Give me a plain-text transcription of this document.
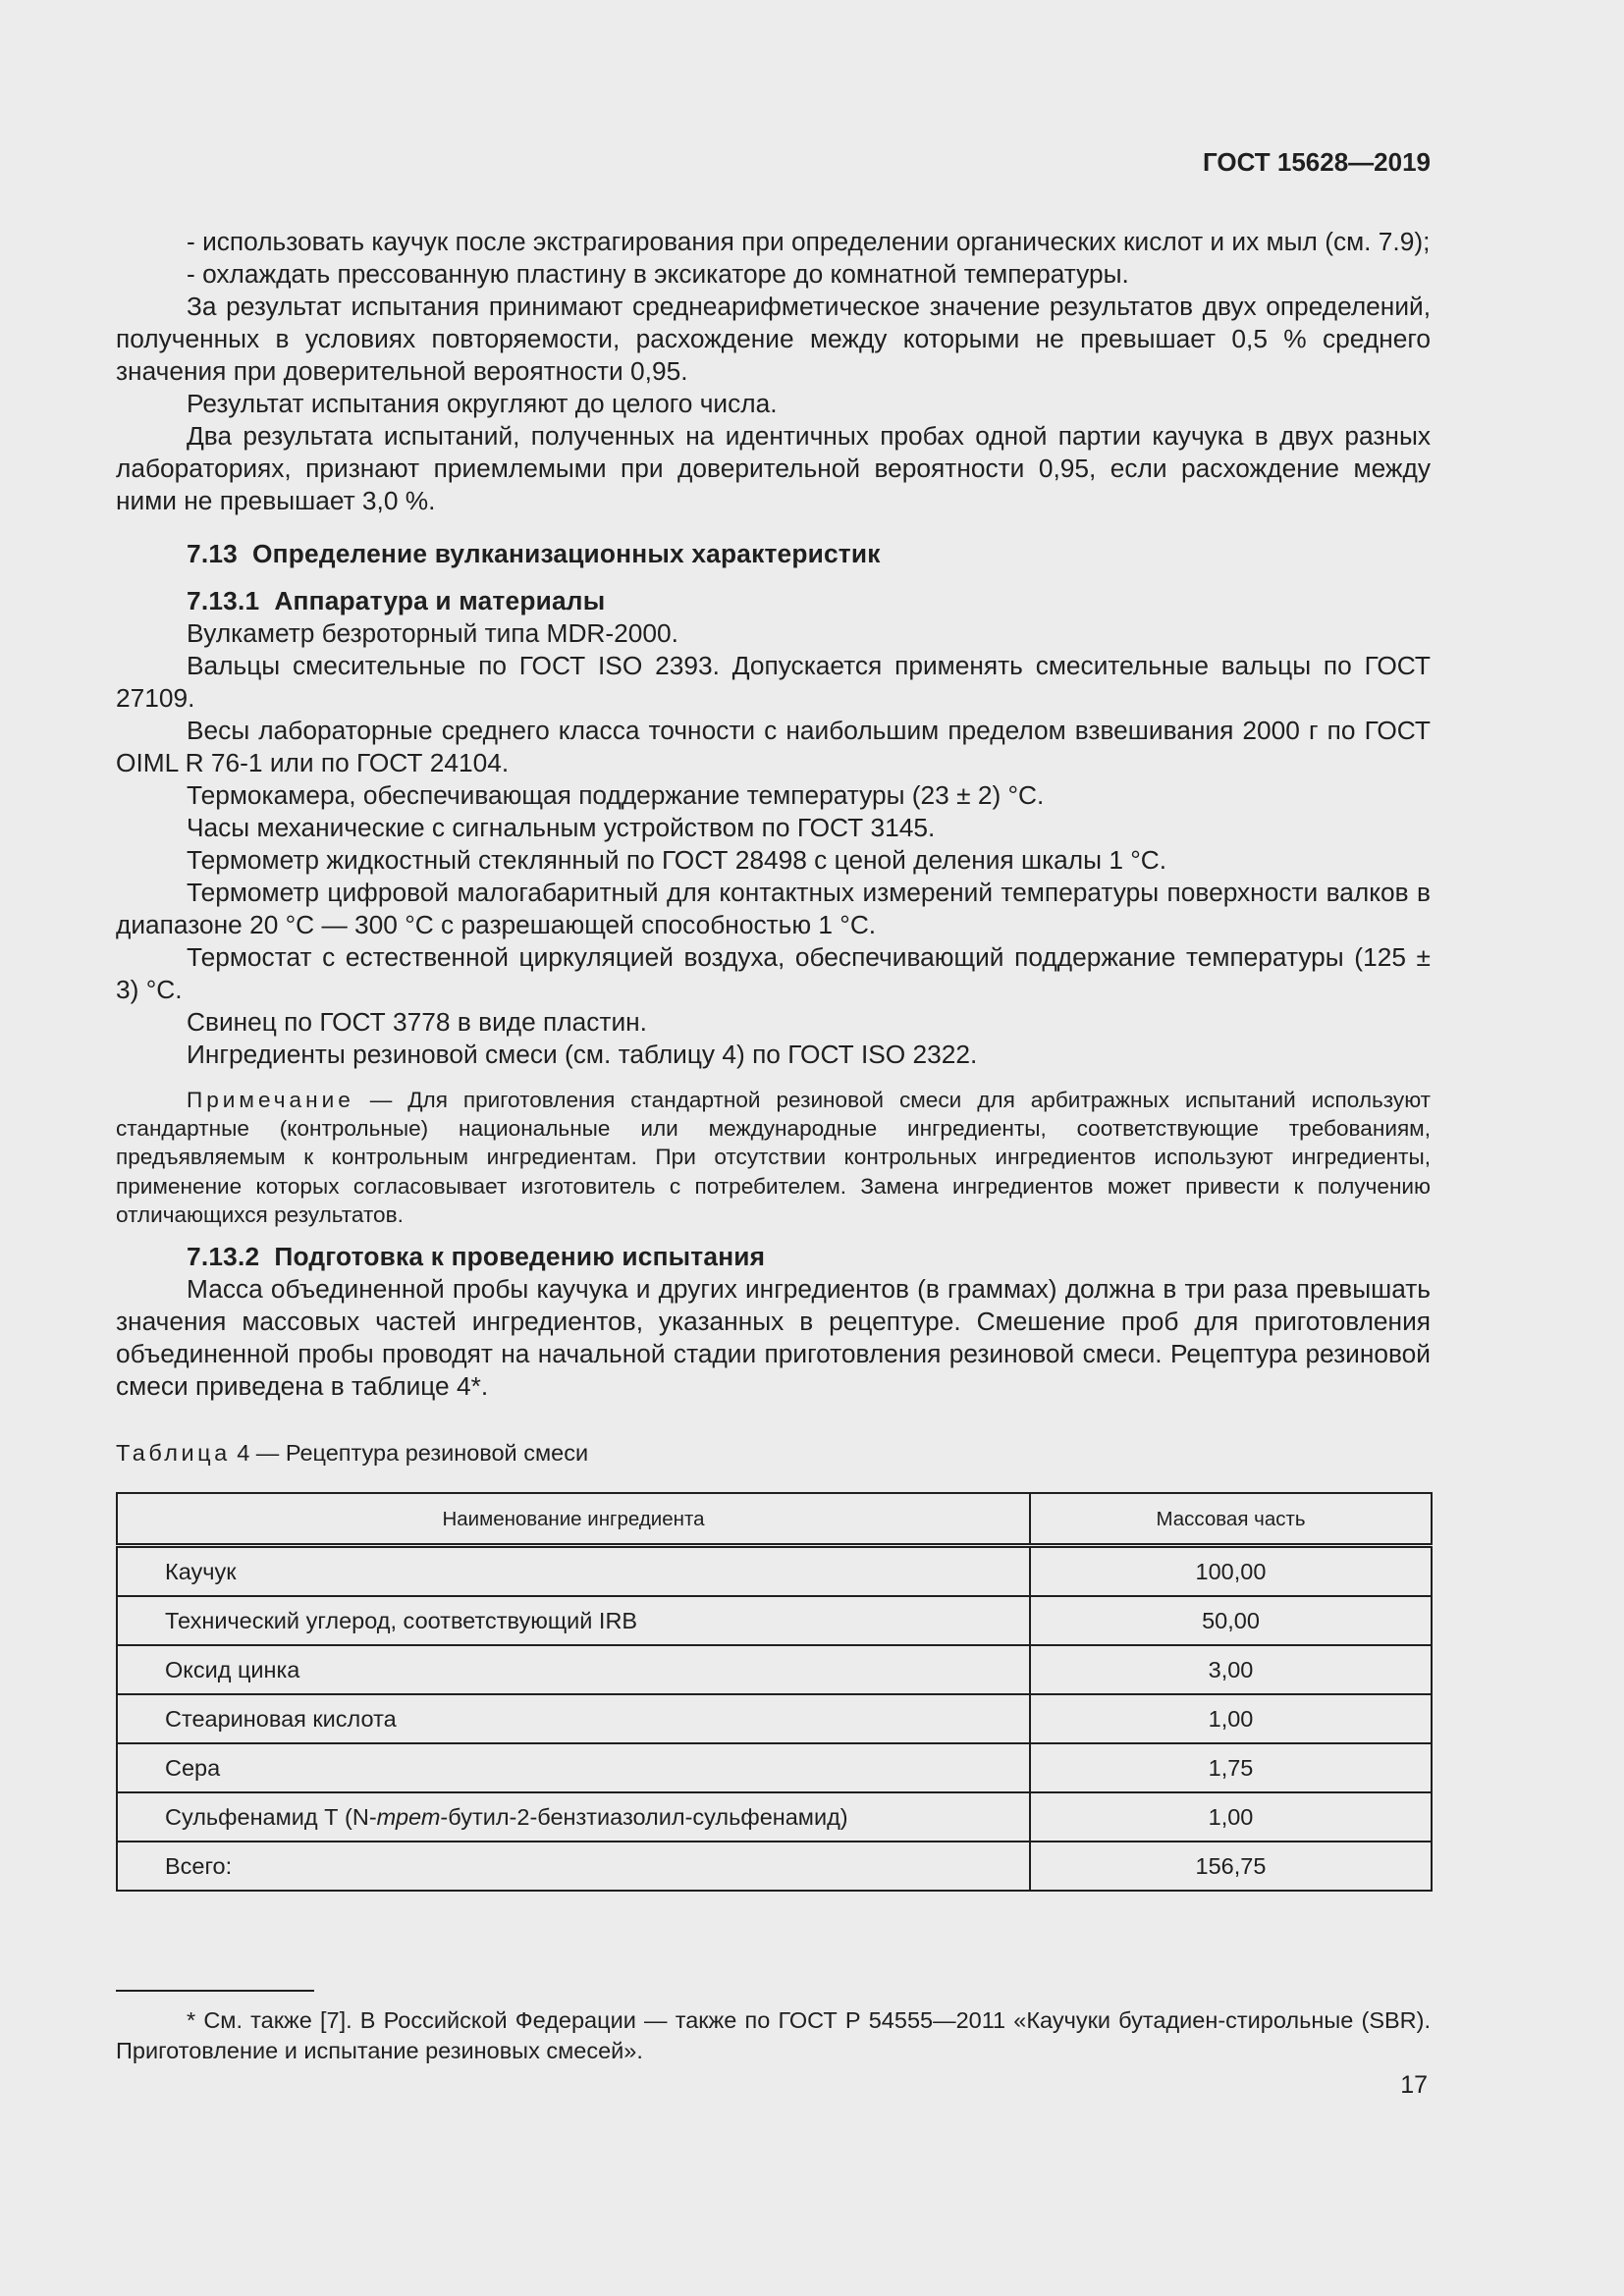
ГОСТ 15628—2019

- использовать каучук после экстрагирования при определении органических кислот и их мыл (см. 7.9);

- охлаждать прессованную пластину в эксикаторе до комнатной температуры.

За результат испытания принимают среднеарифметическое значение результатов двух определений, полученных в условиях повторяемости, расхождение между которыми не превышает 0,5 % среднего значения при доверительной вероятности 0,95.

Результат испытания округляют до целого числа.

Два результата испытаний, полученных на идентичных пробах одной партии каучука в двух разных лабораториях, признают приемлемыми при доверительной вероятности 0,95, если расхождение между ними не превышает 3,0 %.

7.13 Определение вулканизационных характеристик

7.13.1 Аппаратура и материалы

Вулкаметр безроторный типа MDR-2000.

Вальцы смесительные по ГОСТ ISO 2393. Допускается применять смесительные вальцы по ГОСТ 27109.

Весы лабораторные среднего класса точности с наибольшим пределом взвешивания 2000 г по ГОСТ OIML R 76-1 или по ГОСТ 24104.

Термокамера, обеспечивающая поддержание температуры (23 ± 2) °С.

Часы механические с сигнальным устройством по ГОСТ 3145.

Термометр жидкостный стеклянный по ГОСТ 28498 с ценой деления шкалы 1 °С.

Термометр цифровой малогабаритный для контактных измерений температуры поверхности валков в диапазоне 20 °С — 300 °С с разрешающей способностью 1 °С.

Термостат с естественной циркуляцией воздуха, обеспечивающий поддержание температуры (125 ± 3) °С.

Свинец по ГОСТ 3778 в виде пластин.

Ингредиенты резиновой смеси (см. таблицу 4) по ГОСТ ISO 2322.

Примечание — Для приготовления стандартной резиновой смеси для арбитражных испытаний используют стандартные (контрольные) национальные или международные ингредиенты, соответствующие требованиям, предъявляемым к контрольным ингредиентам. При отсутствии контрольных ингредиентов используют ингредиенты, применение которых согласовывает изготовитель с потребителем. Замена ингредиентов может привести к получению отличающихся результатов.

7.13.2 Подготовка к проведению испытания

Масса объединенной пробы каучука и других ингредиентов (в граммах) должна в три раза превышать значения массовых частей ингредиентов, указанных в рецептуре. Смешение проб для приготовления объединенной пробы проводят на начальной стадии приготовления резиновой смеси. Рецептура резиновой смеси приведена в таблице 4*.

Таблица 4 — Рецептура резиновой смеси
Наименование ингредиента	Массовая часть
Каучук	100,00
Технический углерод, соответствующий IRB	50,00
Оксид цинка	3,00
Стеариновая кислота	1,00
Сера	1,75
Сульфенамид Т (N-трет-бутил-2-бензтиазолил-сульфенамид)	1,00
Всего:	156,75

* См. также [7]. В Российской Федерации — также по ГОСТ Р 54555—2011 «Каучуки бутадиен-стирольные (SBR). Приготовление и испытание резиновых смесей».

17
